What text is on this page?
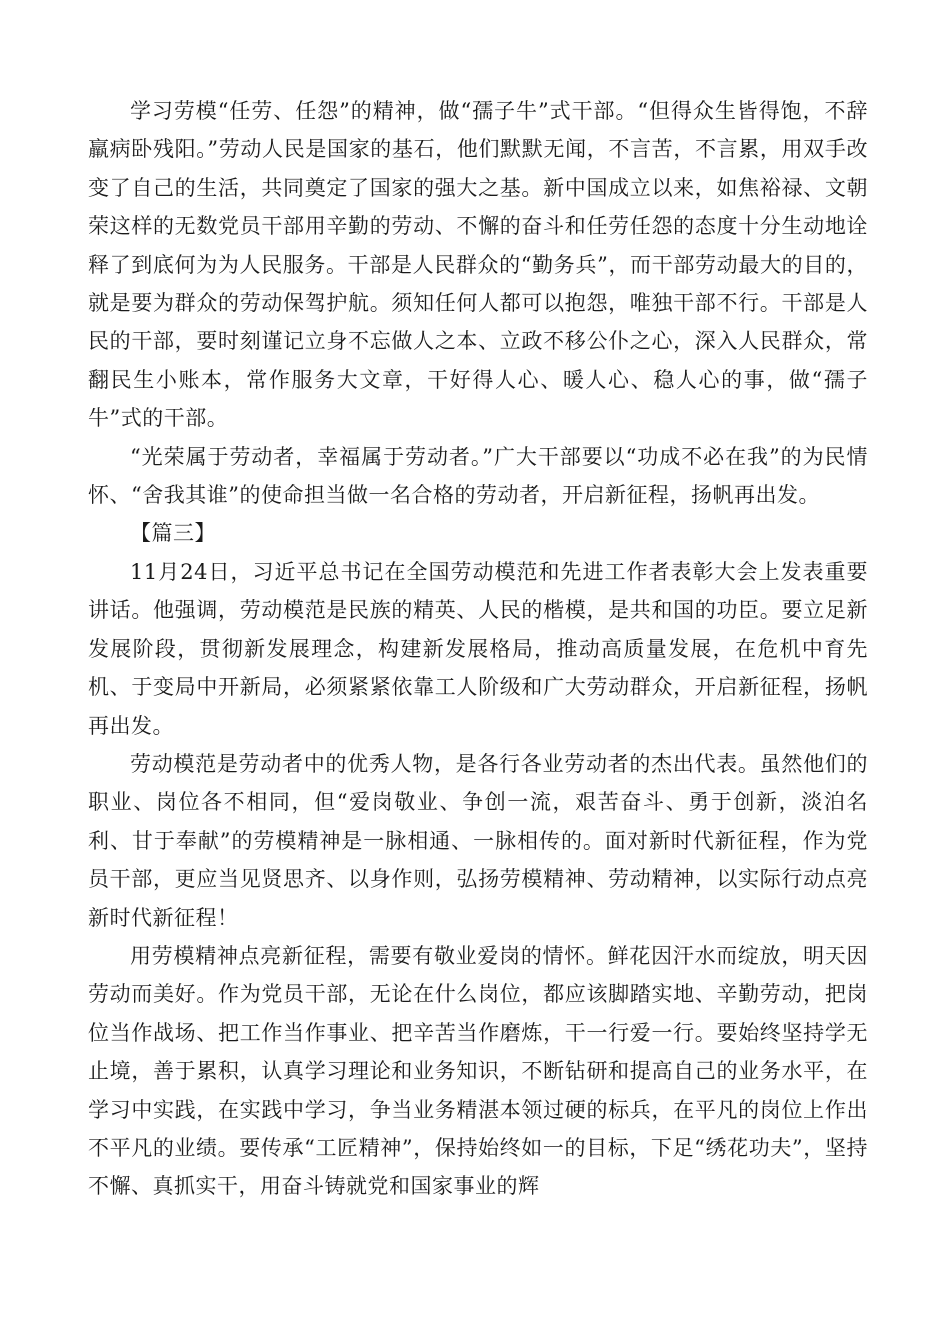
学习劳模“任劳、任怨”的精神，做“孺子牛”式干部。“但得众生皆得饱，不辞羸病卧残阳。”劳动人民是国家的基石，他们默默无闻，不言苦，不言累，用双手改变了自己的生活，共同奠定了国家的强大之基。新中国成立以来，如焦裕禄、文朝荣这样的无数党员干部用辛勤的劳动、不懈的奋斗和任劳任怨的态度十分生动地诠释了到底何为为人民服务。干部是人民群众的“勤务兵”，而干部劳动最大的目的，就是要为群众的劳动保驾护航。须知任何人都可以抱怨，唯独干部不行。干部是人民的干部，要时刻谨记立身不忘做人之本、立政不移公仆之心，深入人民群众，常翻民生小账本，常作服务大文章，干好得人心、暖人心、稳人心的事，做“孺子牛”式的干部。

“光荣属于劳动者，幸福属于劳动者。”广大干部要以“功成不必在我”的为民情怀、“舍我其谁”的使命担当做一名合格的劳动者，开启新征程，扬帆再出发。

【篇三】

11月24日，习近平总书记在全国劳动模范和先进工作者表彰大会上发表重要讲话。他强调，劳动模范是民族的精英、人民的楷模，是共和国的功臣。要立足新发展阶段，贯彻新发展理念，构建新发展格局，推动高质量发展，在危机中育先机、于变局中开新局，必须紧紧依靠工人阶级和广大劳动群众，开启新征程，扬帆再出发。

劳动模范是劳动者中的优秀人物，是各行各业劳动者的杰出代表。虽然他们的职业、岗位各不相同，但“爱岗敬业、争创一流，艰苦奋斗、勇于创新，淡泊名利、甘于奉献”的劳模精神是一脉相通、一脉相传的。面对新时代新征程，作为党员干部，更应当见贤思齐、以身作则，弘扬劳模精神、劳动精神，以实际行动点亮新时代新征程！

用劳模精神点亮新征程，需要有敬业爱岗的情怀。鲜花因汗水而绽放，明天因劳动而美好。作为党员干部，无论在什么岗位，都应该脚踏实地、辛勤劳动，把岗位当作战场、把工作当作事业、把辛苦当作磨炼，干一行爱一行。要始终坚持学无止境，善于累积，认真学习理论和业务知识，不断钻研和提高自己的业务水平，在学习中实践，在实践中学习，争当业务精湛本领过硬的标兵，在平凡的岗位上作出不平凡的业绩。要传承“工匠精神”，保持始终如一的目标，下足“绣花功夫”，坚持不懈、真抓实干，用奋斗铸就党和国家事业的辉
